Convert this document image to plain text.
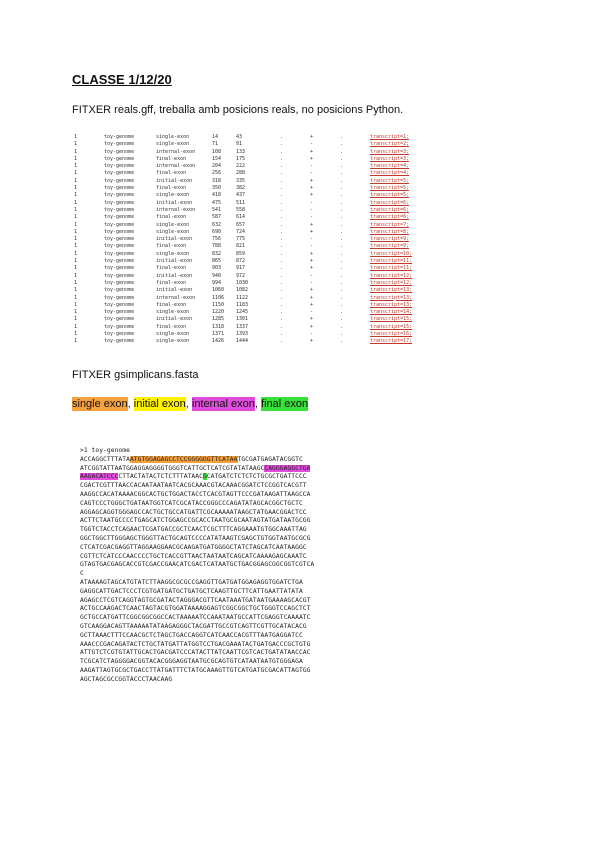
CLASSE 1/12/20
FITXER reals.gff, treballa amb posicions reals, no posicions Python.
1	toy-genome	single-exon	14	43	.	+	.	transcript=1;
1	toy-genome	single-exon	71	91	.	-	.	transcript=2;
1	toy-genome	internal-exon	108	133	.	+	.	transcript=3;
1	toy-genome	final-exon	154	175	.	+	.	transcript=3;
1	toy-genome	internal-exon	204	222	.	-	.	transcript=4;
1	toy-genome	final-exon	256	288	.	-	.	transcript=4;
1	toy-genome	initial-exon	318	335	.	+	.	transcript=5;
1	toy-genome	final-exon	350	382	.	+	.	transcript=5;
1	toy-genome	single-exon	418	437	.	+	.	transcript=5;
1	toy-genome	initial-exon	475	511	.	-	.	transcript=6;
1	toy-genome	internal-exon	541	558	.	-	.	transcript=6;
1	toy-genome	final-exon	587	614	.	-	.	transcript=6;
1	toy-genome	single-exon	632	657	.	+	.	transcript=7;
1	toy-genome	single-exon	690	724	.	+	.	transcript=8;
1	toy-genome	initial-exon	756	775	.	-	.	transcript=9;
1	toy-genome	final-exon	788	821	.	-	.	transcript=9;
1	toy-genome	single-exon	832	859	.	+	.	transcript=10;
1	toy-genome	initial-exon	865	872	.	+	.	transcript=11;
1	toy-genome	final-exon	903	917	.	+	.	transcript=11;
1	toy-genome	initial-exon	940	972	.	-	.	transcript=12;
1	toy-genome	final-exon	994	1030	.	-	.	transcript=12;
1	toy-genome	initial-exon	1060	1082	.	+	.	transcript=13;
1	toy-genome	internal-exon	1106	1122	.	+	.	transcript=13;
1	toy-genome	final-exon	1150	1183	.	+	.	transcript=13;
1	toy-genome	single-exon	1220	1245	.	-	.	transcript=14;
1	toy-genome	initial-exon	1285	1301	.	+	.	transcript=15;
1	toy-genome	final-exon	1318	1337	.	+	.	transcript=15;
1	toy-genome	single-exon	1371	1393	.	-	.	transcript=16;
1	toy-genome	single-exon	1426	1444	.	+	.	transcript=17;
FITXER gsimplicans.fasta
single exon, initial exon, internal exon, final exon
>1 toy-genome
ACCAGGCTTTATAATGTGGAGAGCCTCCGGGGGGTTCATAATGCGATGAGATACGGTC
ATCGGTATTAATGGAGGAGGGGTGGGTCATTGCTCATCGTATATAAGCCAGGGAGGCTGA
AAGACATCCCCTTACTATACTCTCTTTATAACGCATGATCTCTCTCTGCGCTGATTCCC
CGACTCGTTTAACCACAATAATAATCACGCAAACGTACAAACGGATCTCCGGTCACGTT
AAGGCCACATAAAACGGCACTGCTGGACTACCTCACGTAGTTCCCGATAAGATTAAGCCA
CAGTCCCTGGGCTGATAATGGTCATCGCATACCGGGCCCAGATATAGCACGGCTGCTC
AGGAGCAGGTGGGAGCCACTGCTGCCATGATTCGCAAAAATAAGCTATGAACGGACTCC
ACTTCTAATGCCCCTGAGCATCTGGAGCCGCACCTAATGCGCAATAGTATGATAATGCGG
TGGTCTACCTCAGAACTCGATGACCGCTCAACTCGCTTTCAGGAAATGTGGCAAATTAG
GGCTGGCTTGGGAGCTGGGTTACTGCAGTCCCCATATAAGTCGAGCTGTGGTAATGCGCG
CTCATCGACGAGGTTAGGAAGGAACGCAAGATGATGGGGCTATCTAGCATCAATAAGGC
CGTTCTCATCCCAACCCCTGCTCACCGTTAACTAATAATCAGCATCAAAAGAGCAAATC
GTAGTGACGAGCACCGTCGACCGAACATCGACTCATAATGCTGACGGAGCGGCGGTCGTCA
C
ATAAAAGTAGCATGTATCTTAAGGCGCGCCGAGGTTGATGATGGAGAGGTGGATCTGA
GAGGCATTGACTCCCTCGTGATGATGCTGATGCTCAAGTTGCTTCATTGAATTATATA
AGAGCCTCGTCAGGTAGTGCGATACTAGGGACGTTCAATAAATGATAATGAAAAGCACGT
ACTGCCAAGACTCAACTAGTACGTGGATAAAAGGAGTCGGCGGCTGCTGGGTCCAGCTCT
GCTGCCATGATTCGGCGGCGGCCACTAAAAATCCAAATAATGCCATTCGAGGTCAAAATC
GTCAAGGACAGTTAAAAATATAAGAGGGCTACGATTGCCGTCAGTTCGTTGCATACACG
GCTTAAACTTTCCAACGCTCTAGCTGACCAGGTCATCAACCACGTTTAATGAGGATCC
AAACCCGACAGATACTCTGCTATGATTATGGTCCTGACGAAATACTGATGACCCGCTGTG
ATTGTCTCGTGTATTGCACTGACGATCCCATACTTATCAATTCGTCACTGATATAACCAC
TCGCATCTAGGGGACGGTACACGGGAGGTAATGCGCAGTGTCATAATAATGTGGGAGA
AAGATTAGTGCGCTGACCTTATGATTTCTATGCAAAGTTGTCATGATGCGACATTAGTGG
AGCTAGCGCCGGTACCCTAACAAG
